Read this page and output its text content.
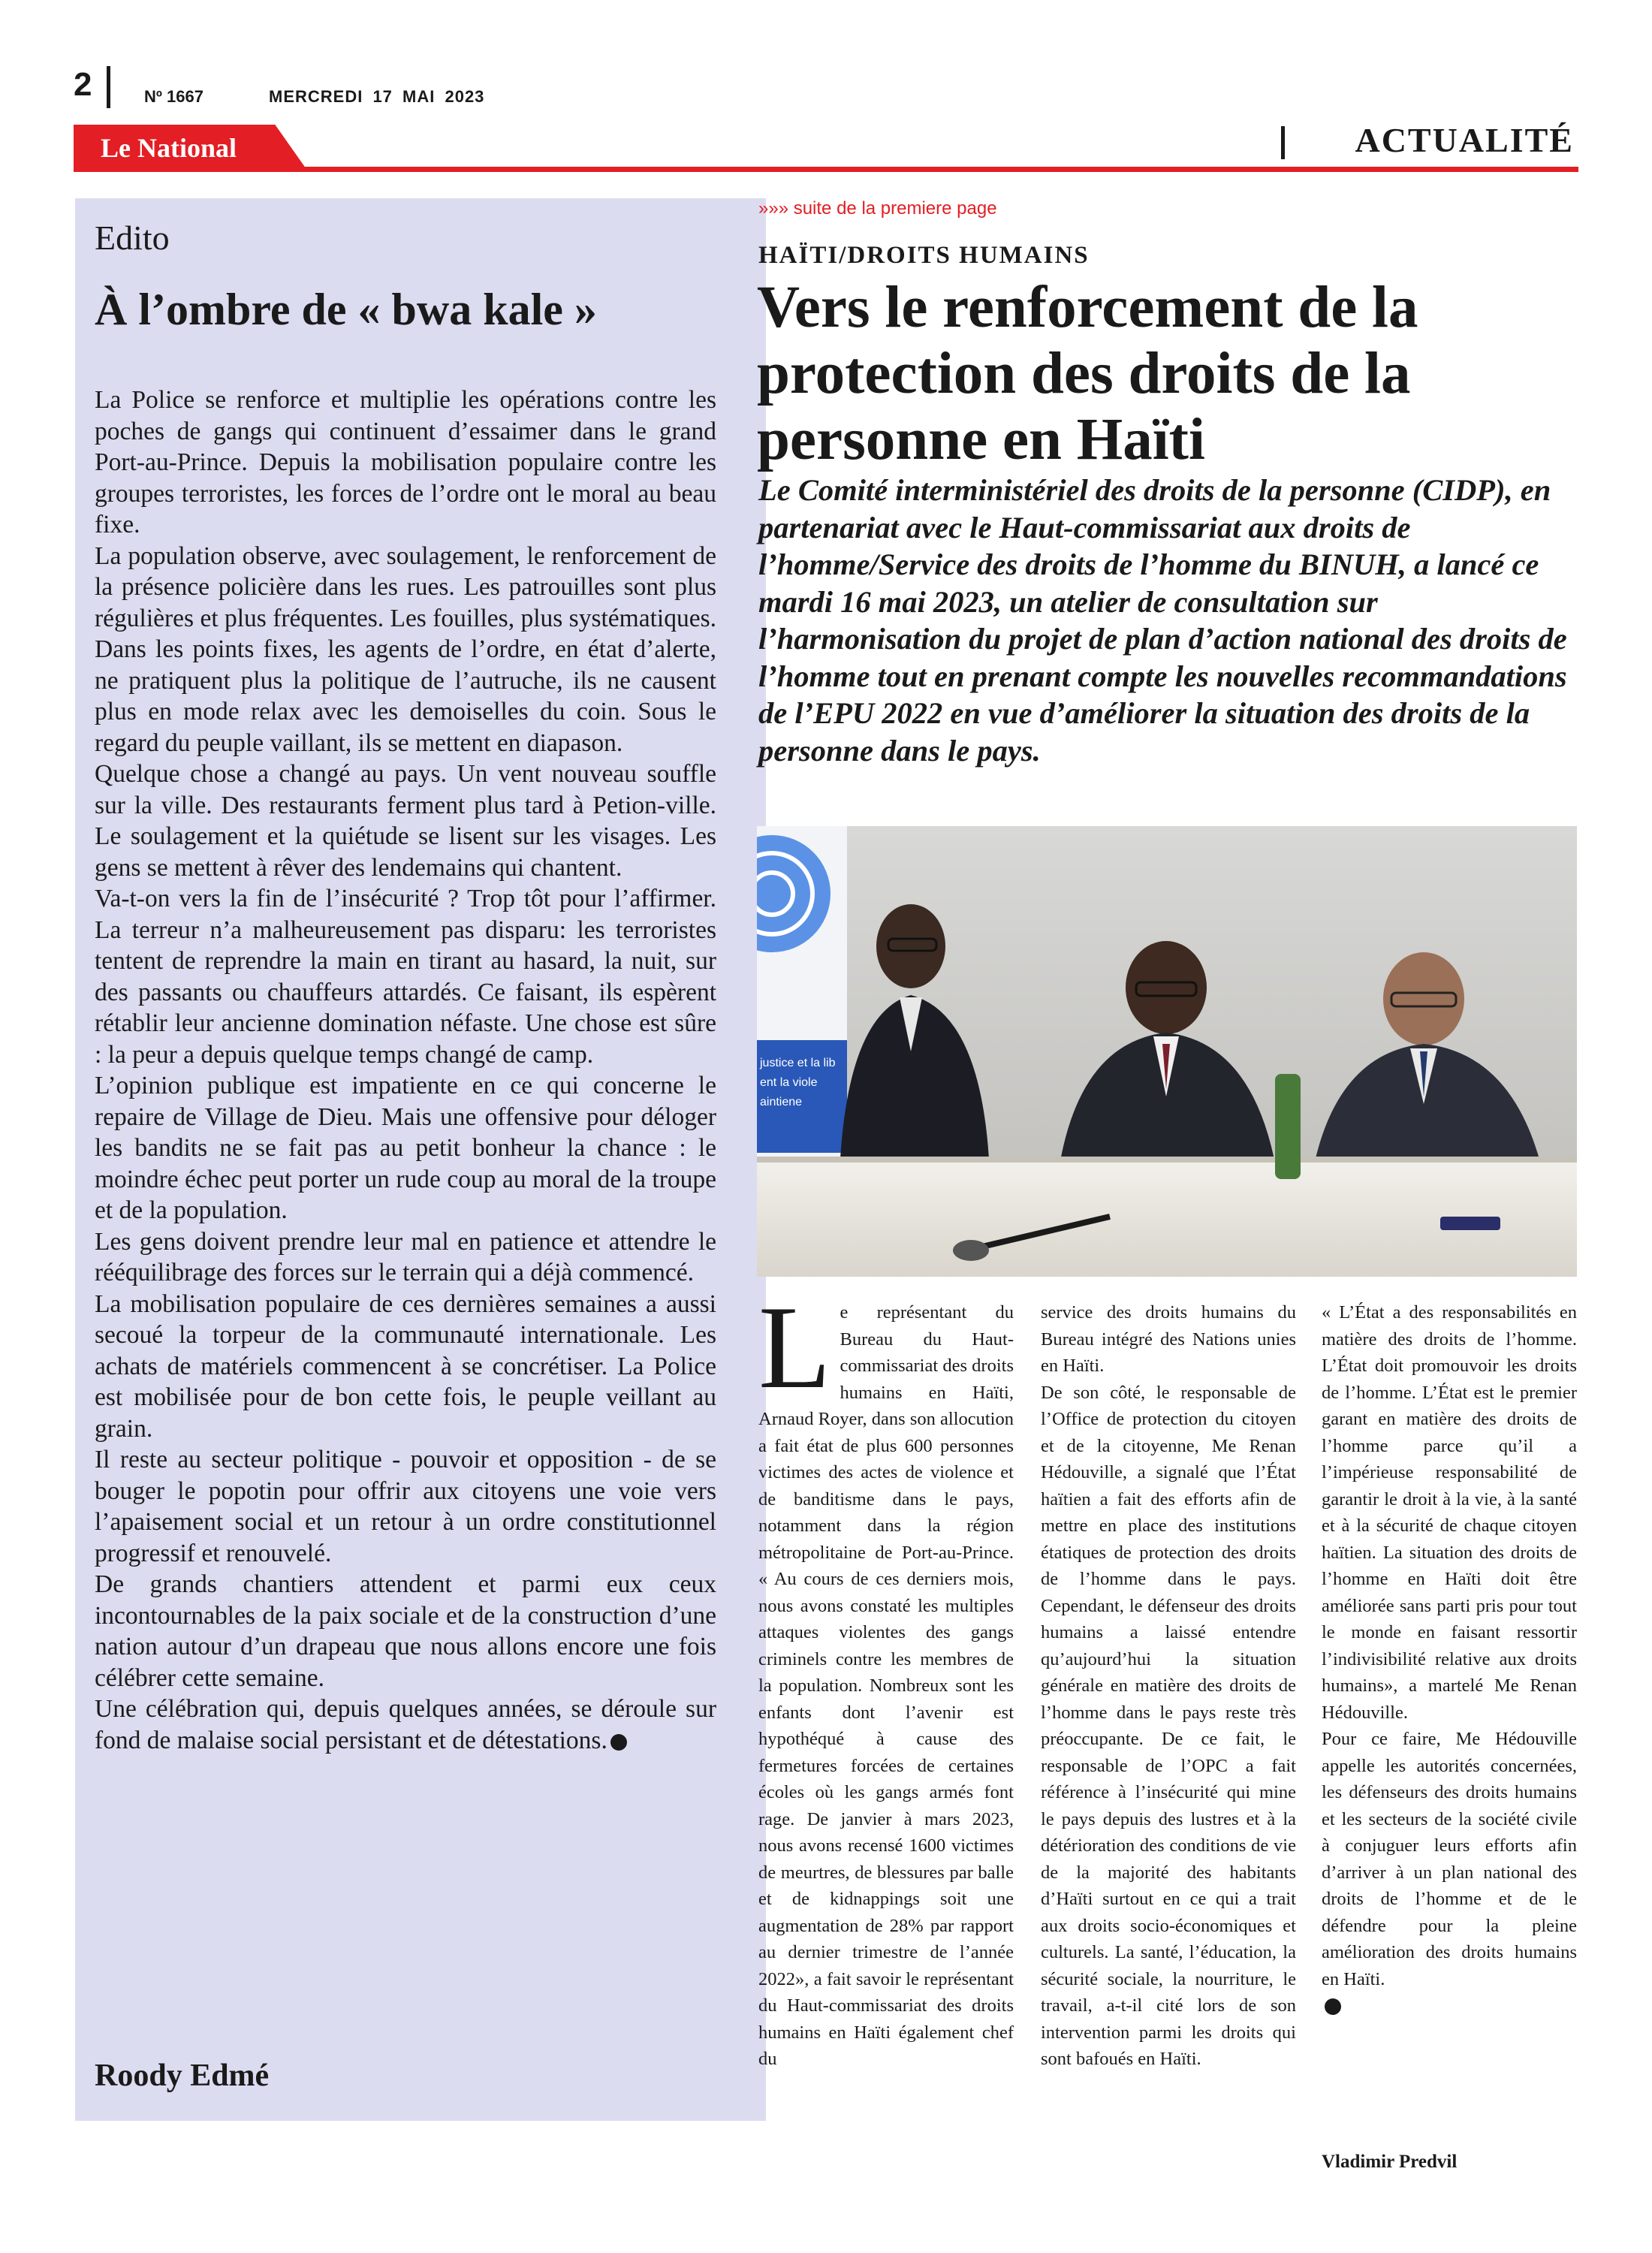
2	Nº 1667	MERCREDI 17 MAI 2023
Le National	ACTUALITÉ
Edito
À l’ombre de « bwa kale »

La Police se renforce et multiplie les opérations contre les poches de gangs qui continuent d’essaimer dans le grand Port-au-Prince. Depuis la mobilisation populaire contre les groupes terroristes, les forces de l’ordre ont le moral au beau fixe.

La population observe, avec soulagement, le renforcement de la présence policière dans les rues. Les patrouilles sont plus régulières et plus fréquentes. Les fouilles, plus systématiques. Dans les points fixes, les agents de l’ordre, en état d’alerte, ne pratiquent plus la politique de l’autruche, ils ne causent plus en mode relax avec les demoiselles du coin. Sous le regard du peuple vaillant, ils se mettent en diapason.

Quelque chose a changé au pays. Un vent nouveau souffle sur la ville. Des restaurants ferment plus tard à Petion-ville. Le soulagement et la quiétude se lisent sur les visages. Les gens se mettent à rêver des lendemains qui chantent.

Va-t-on vers la fin de l’insécurité ? Trop tôt pour l’affirmer. La terreur n’a malheureusement pas disparu: les terroristes tentent de reprendre la main en tirant au hasard, la nuit, sur des passants ou chauffeurs attardés. Ce faisant, ils espèrent rétablir leur ancienne domination néfaste. Une chose est sûre : la peur a depuis quelque temps changé de camp.

L’opinion publique est impatiente en ce qui concerne le repaire de Village de Dieu. Mais une offensive pour déloger les bandits ne se fait pas au petit bonheur la chance : le moindre échec peut porter un rude coup au moral de la troupe et de la population.

Les gens doivent prendre leur mal en patience et attendre le rééquilibrage des forces sur le terrain qui a déjà commencé.

La mobilisation populaire de ces dernières semaines a aussi secoué la torpeur de la communauté internationale. Les achats de matériels commencent à se concrétiser. La Police est mobilisée pour de bon cette fois, le peuple veillant au grain.

Il reste au secteur politique - pouvoir et opposition - de se bouger le popotin pour offrir aux citoyens une voie vers l’apaisement social et un retour à un ordre constitutionnel progressif et renouvelé.

De grands chantiers attendent et parmi eux ceux incontournables de la paix sociale et de la construction d’une nation autour d’un drapeau que nous allons encore une fois célébrer cette semaine.

Une célébration qui, depuis quelques années, se déroule sur fond de malaise social persistant et de détestations.

Roody Edmé
»»» suite de la premiere page
HAÏTI/DROITS HUMAINS
Vers le renforcement de la protection des droits de la personne en Haïti
Le Comité interministériel des droits de la personne (CIDP), en partenariat avec le Haut-commissariat aux droits de l’homme/Service des droits de l’homme du BINUH, a lancé ce mardi 16 mai 2023, un atelier de consultation sur l’harmonisation du projet de plan d’action national des droits de l’homme tout en prenant compte les nouvelles recommandations de l’EPU 2022 en vue d’améliorer la situation des droits de la personne dans le pays.
justice et la lib
ent la viole
aintiene
L e représentant du Bureau du Haut-commissariat des droits humains en Haïti, Arnaud Royer, dans son allocution a fait état de plus 600 personnes victimes des actes de violence et de banditisme dans le pays, notamment dans la région métropolitaine de Port-au-Prince. « Au cours de ces derniers mois, nous avons constaté les multiples attaques violentes des gangs criminels contre les membres de la population. Nombreux sont les enfants dont l’avenir est hypothéqué à cause des fermetures forcées de certaines écoles où les gangs armés font rage. De janvier à mars 2023, nous avons recensé 1600 victimes de meurtres, de blessures par balle et de kidnappings soit une augmentation de 28% par rapport au dernier trimestre de l’année 2022», a fait savoir le représentant du Haut-commissariat des droits humains en Haïti également chef du

service des droits humains du Bureau intégré des Nations unies en Haïti.

De son côté, le responsable de l’Office de protection du citoyen et de la citoyenne, Me Renan Hédouville, a signalé que l’État haïtien a fait des efforts afin de mettre en place des institutions étatiques de protection des droits de l’homme dans le pays. Cependant, le défenseur des droits humains a laissé entendre qu’aujourd’hui la situation générale en matière des droits de l’homme dans le pays reste très préoccupante. De ce fait, le responsable de l’OPC a fait référence à l’insécurité qui mine le pays depuis des lustres et à la détérioration des conditions de vie de la majorité des habitants d’Haïti surtout en ce qui a trait aux droits socio-économiques et culturels. La santé, l’éducation, la sécurité sociale, la nourriture, le travail, a-t-il cité lors de son intervention parmi les droits qui sont bafoués en Haïti.

« L’État a des responsabilités en matière des droits de l’homme. L’État doit promouvoir les droits de l’homme. L’État est le premier garant en matière des droits de l’homme parce qu’il a l’impérieuse responsabilité de garantir le droit à la vie, à la santé et à la sécurité de chaque citoyen haïtien. La situation des droits de l’homme en Haïti doit être améliorée sans parti pris pour tout le monde en faisant ressortir l’indivisibilité relative aux droits humains», a martelé Me Renan Hédouville.

Pour ce faire, Me Hédouville appelle les autorités concernées, les défenseurs des droits humains et les secteurs de la société civile à conjuguer leurs efforts afin d’arriver à un plan national des droits de l’homme et de le défendre pour la pleine amélioration des droits humains en Haïti.

Vladimir Predvil
